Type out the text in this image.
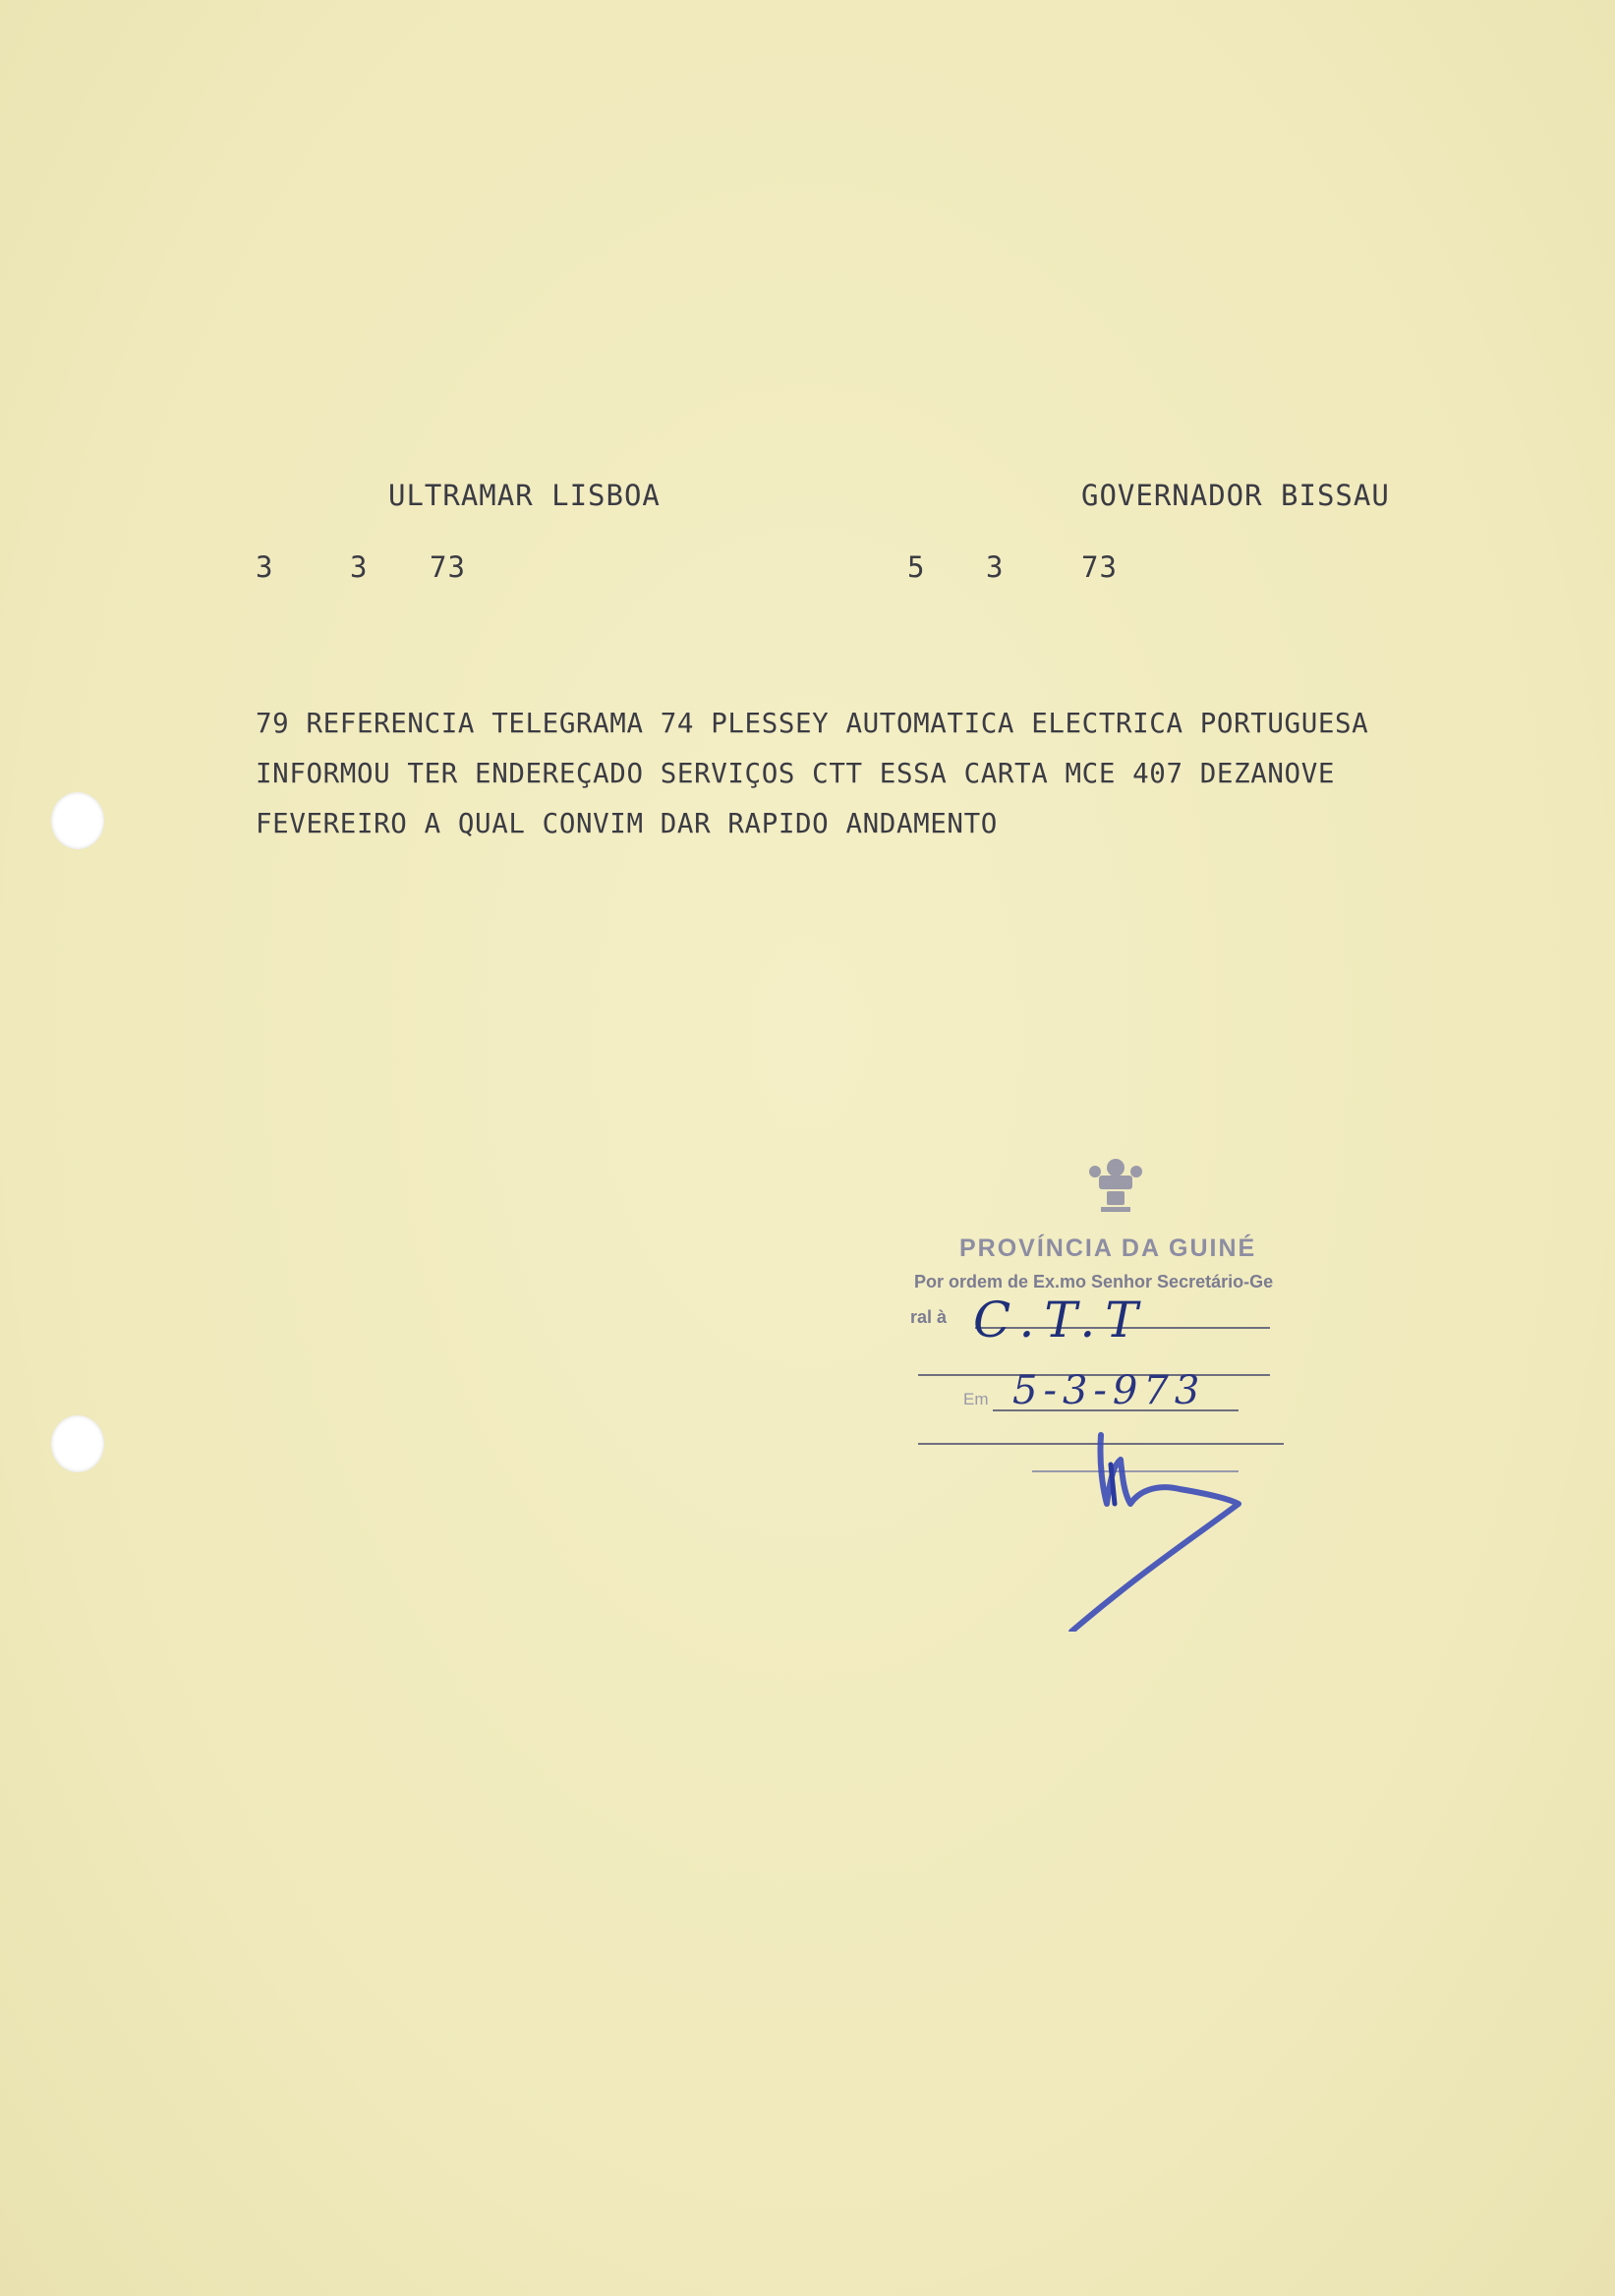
ULTRAMAR LISBOA	GOVERNADOR BISSAU
3	3 73	5 3	73
79 REFERENCIA TELEGRAMA 74 PLESSEY AUTOMATICA ELECTRICA PORTUGUESA
INFORMOU TER ENDEREÇADO SERVIÇOS CTT ESSA CARTA MCE 407 DEZANOVE
FEVEREIRO A QUAL CONVIM DAR RAPIDO ANDAMENTO
PROVÍNCIA DA GUINÉ
Por ordem de Ex.mo Senhor Secretário-Ge
ral à
Em
C.T.T
5-3-973
